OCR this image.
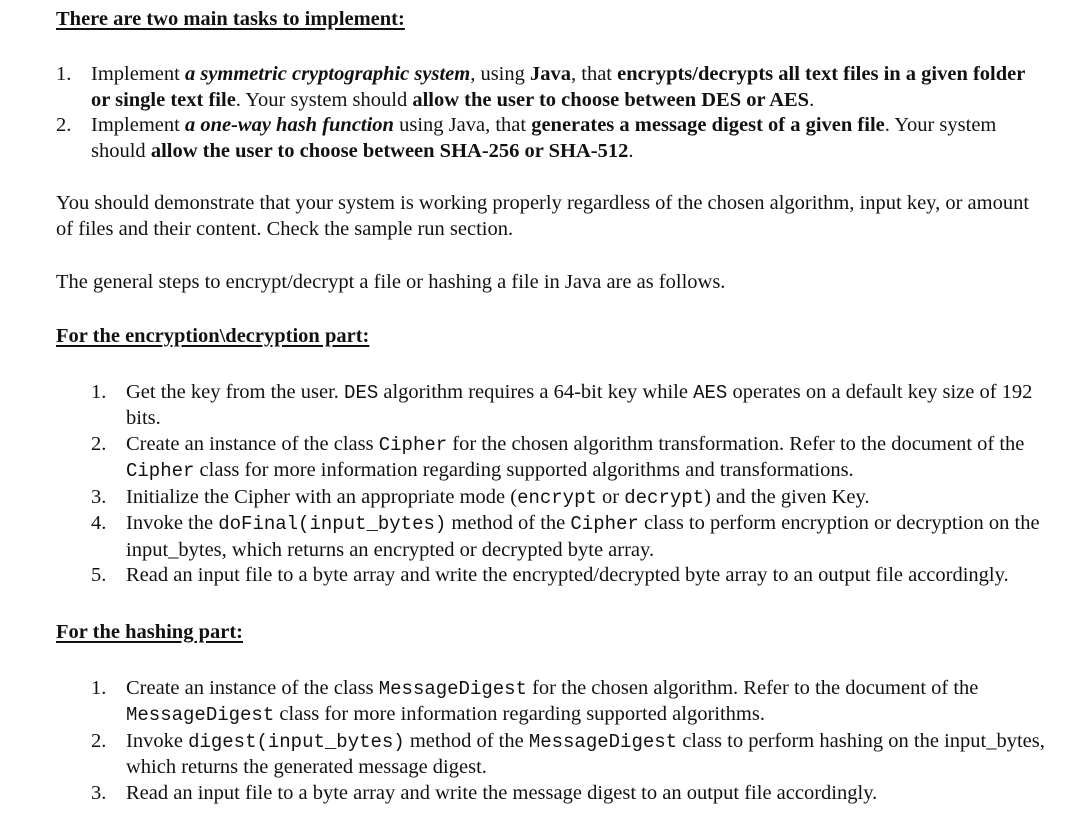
There are two main tasks to implement:
1. Implement a symmetric cryptographic system, using Java, that encrypts/decrypts all text files in a given folder or single text file. Your system should allow the user to choose between DES or AES.
2. Implement a one-way hash function using Java, that generates a message digest of a given file. Your system should allow the user to choose between SHA-256 or SHA-512.

You should demonstrate that your system is working properly regardless of the chosen algorithm, input key, or amount of files and their content. Check the sample run section.

The general steps to encrypt/decrypt a file or hashing a file in Java are as follows.

For the encryption\decryption part:
1. Get the key from the user. DES algorithm requires a 64-bit key while AES operates on a default key size of 192 bits.
2. Create an instance of the class Cipher for the chosen algorithm transformation. Refer to the document of the Cipher class for more information regarding supported algorithms and transformations.
3. Initialize the Cipher with an appropriate mode (encrypt or decrypt) and the given Key.
4. Invoke the doFinal(input_bytes) method of the Cipher class to perform encryption or decryption on the input_bytes, which returns an encrypted or decrypted byte array.
5. Read an input file to a byte array and write the encrypted/decrypted byte array to an output file accordingly.
For the hashing part:
1. Create an instance of the class MessageDigest for the chosen algorithm. Refer to the document of the MessageDigest class for more information regarding supported algorithms.
2. Invoke digest(input_bytes) method of the MessageDigest class to perform hashing on the input_bytes, which returns the generated message digest.
3. Read an input file to a byte array and write the message digest to an output file accordingly.
